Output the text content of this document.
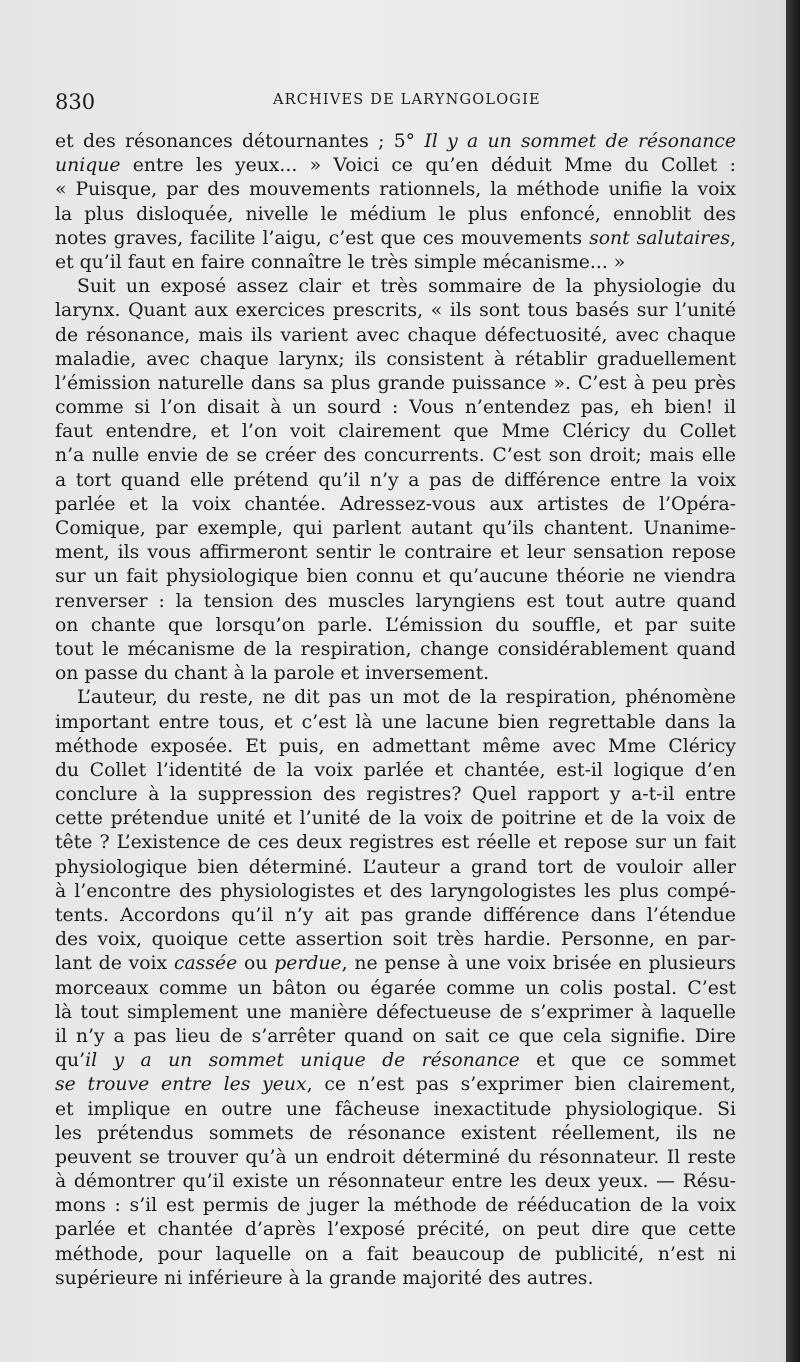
830	ARCHIVES DE LARYNGOLOGIE
et des résonances détournantes ; 5° Il y a un sommet de résonance
unique entre les yeux... » Voici ce qu’en déduit Mme du Collet :
« Puisque, par des mouvements rationnels, la méthode unifie la voix
la plus disloquée, nivelle le médium le plus enfoncé, ennoblit des
notes graves, facilite l’aigu, c’est que ces mouvements sont salutaires,
et qu’il faut en faire connaître le très simple mécanisme... »
Suit un exposé assez clair et très sommaire de la physiologie du
larynx. Quant aux exercices prescrits, « ils sont tous basés sur l’unité
de résonance, mais ils varient avec chaque défectuosité, avec chaque
maladie, avec chaque larynx; ils consistent à rétablir graduellement
l’émission naturelle dans sa plus grande puissance ». C’est à peu près
comme si l’on disait à un sourd : Vous n’entendez pas, eh bien! il
faut entendre, et l’on voit clairement que Mme Cléricy du Collet
n’a nulle envie de se créer des concurrents. C’est son droit; mais elle
a tort quand elle prétend qu’il n’y a pas de différence entre la voix
parlée et la voix chantée. Adressez-vous aux artistes de l’Opéra-
Comique, par exemple, qui parlent autant qu’ils chantent. Unanime-
ment, ils vous affirmeront sentir le contraire et leur sensation repose
sur un fait physiologique bien connu et qu’aucune théorie ne viendra
renverser : la tension des muscles laryngiens est tout autre quand
on chante que lorsqu’on parle. L’émission du souffle, et par suite
tout le mécanisme de la respiration, change considérablement quand
on passe du chant à la parole et inversement.
L’auteur, du reste, ne dit pas un mot de la respiration, phénomène
important entre tous, et c’est là une lacune bien regrettable dans la
méthode exposée. Et puis, en admettant même avec Mme Cléricy
du Collet l’identité de la voix parlée et chantée, est-il logique d’en
conclure à la suppression des registres? Quel rapport y a-t-il entre
cette prétendue unité et l’unité de la voix de poitrine et de la voix de
tête ? L’existence de ces deux registres est réelle et repose sur un fait
physiologique bien déterminé. L’auteur a grand tort de vouloir aller
à l’encontre des physiologistes et des laryngologistes les plus compé-
tents. Accordons qu’il n’y ait pas grande différence dans l’étendue
des voix, quoique cette assertion soit très hardie. Personne, en par-
lant de voix cassée ou perdue, ne pense à une voix brisée en plusieurs
morceaux comme un bâton ou égarée comme un colis postal. C’est
là tout simplement une manière défectueuse de s’exprimer à laquelle
il n’y a pas lieu de s’arrêter quand on sait ce que cela signifie. Dire
qu’il y a un sommet unique de résonance et que ce sommet
se trouve entre les yeux, ce n’est pas s’exprimer bien clairement,
et implique en outre une fâcheuse inexactitude physiologique. Si
les prétendus sommets de résonance existent réellement, ils ne
peuvent se trouver qu’à un endroit déterminé du résonnateur. Il reste
à démontrer qu’il existe un résonnateur entre les deux yeux. — Résu-
mons : s’il est permis de juger la méthode de rééducation de la voix
parlée et chantée d’après l’exposé précité, on peut dire que cette
méthode, pour laquelle on a fait beaucoup de publicité, n’est ni
supérieure ni inférieure à la grande majorité des autres.
